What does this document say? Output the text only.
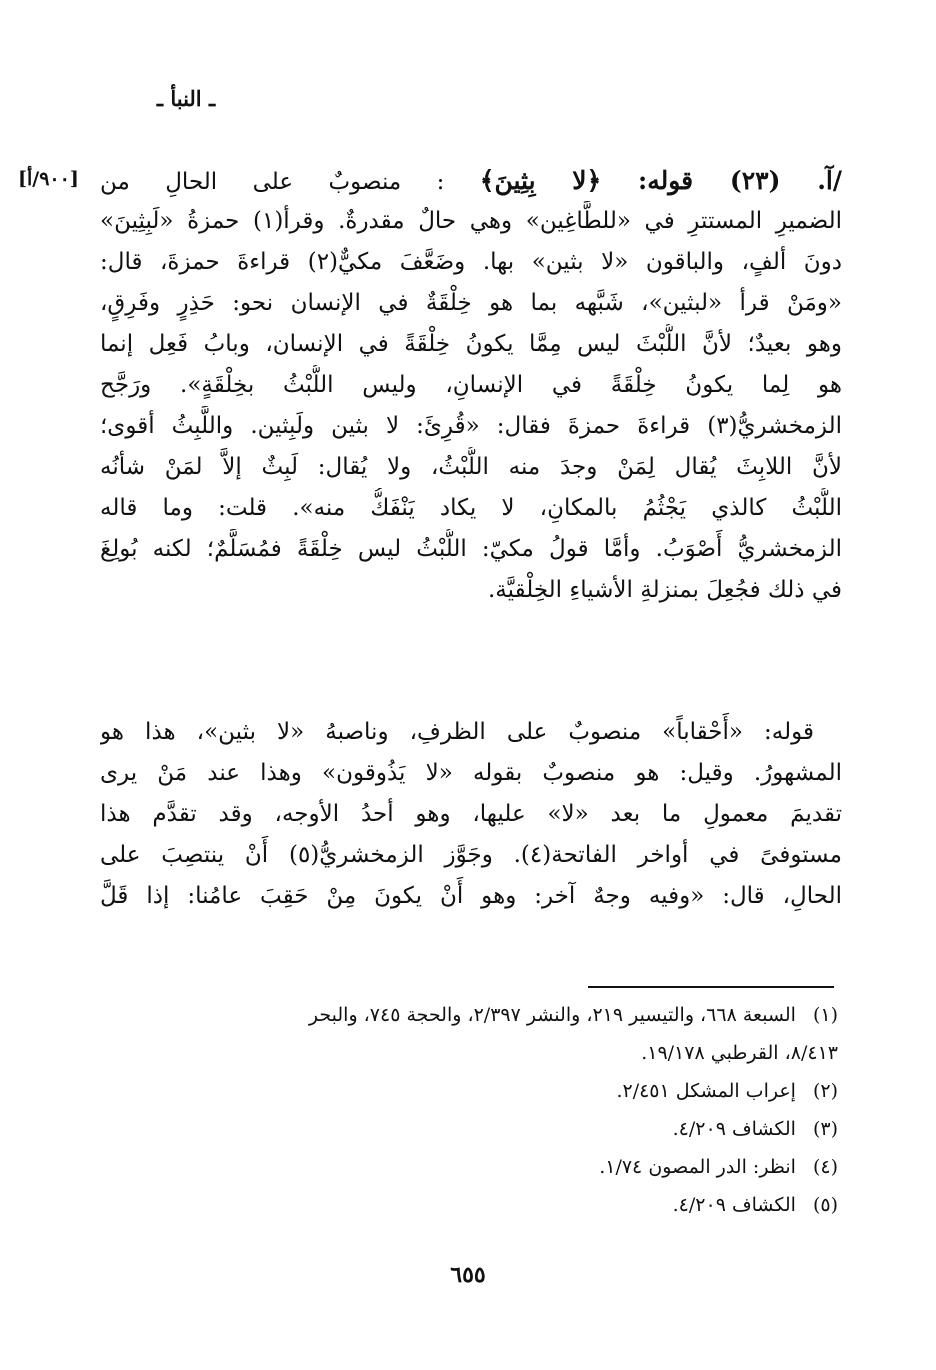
ـ النبأ ـ
[٩٠٠/أ]	/آ. (٢٣) قوله: ﴿لا بِثِينَ﴾ : منصوبٌ على الحالِ من
الضميرِ المستترِ في «للطَّاغِين» وهي حالٌ مقدرةٌ. وقرأ(١) حمزةُ «لَبِثِينَ»
دونَ ألفٍ، والباقون «لا بثين» بها. وضَعَّفَ مكيٌّ(٢) قراءةَ حمزةَ، قال:
«ومَنْ قرأ «لبثين»، شَبَّهه بما هو خِلْقَةٌ في الإنسان نحو: حَذِرٍ وفَرِقٍ،
وهو بعيدٌ؛ لأنَّ اللُّبْثَ ليس مِمَّا يكونُ خِلْقَةً في الإنسان، وبابُ فَعِل إنما
هو لِما يكونُ خِلْقَةً في الإنسانِ، وليس اللُّبْثُ بخِلْقَةٍ». ورَجَّح
الزمخشريُّ(٣) قراءةَ حمزةَ فقال: «قُرِئَ: لا بثين ولَبِثين. واللَّبِثُ أقوى؛
لأنَّ اللابِثَ يُقال لِمَنْ وجدَ منه اللُّبْثُ، ولا يُقال: لَبِثٌ إلاَّ لمَنْ شأنُه
اللُّبْثُ كالذي يَجْثُمُ بالمكانِ، لا يكاد يَنْفَكُّ منه». قلت: وما قاله
الزمخشريُّ أَصْوَبُ. وأمَّا قولُ مكيّ: اللُّبْثُ ليس خِلْقَةً فمُسَلَّمٌ؛ لكنه بُولِغَ
في ذلك فجُعِلَ بمنزلةِ الأشياءِ الخِلْقيَّة.
قوله: «أَحْقاباً» منصوبٌ على الظرفِ، وناصبهُ «لا بثين»، هذا هو
المشهورُ. وقيل: هو منصوبٌ بقوله «لا يَذُوقون» وهذا عند مَنْ يرى
تقديمَ معمولِ ما بعد «لا» عليها، وهو أحدُ الأوجه، وقد تقدَّم هذا
مستوفىً في أواخر الفاتحة(٤). وجَوَّز الزمخشريُّ(٥) أَنْ ينتصِبَ على
الحالِ، قال: «وفيه وجهٌ آخر: وهو أَنْ يكونَ مِنْ حَقِبَ عامُنا: إذا قَلَّ
(١) السبعة ٦٦٨، والتيسير ٢١٩، والنشر ٢/٣٩٧، والحجة ٧٤٥، والبحر
٨/٤١٣، القرطبي ١٩/١٧٨.
(٢) إعراب المشكل ٢/٤٥١.
(٣) الكشاف ٤/٢٠٩.
(٤) انظر: الدر المصون ١/٧٤.
(٥) الكشاف ٤/٢٠٩.
٦٥٥
